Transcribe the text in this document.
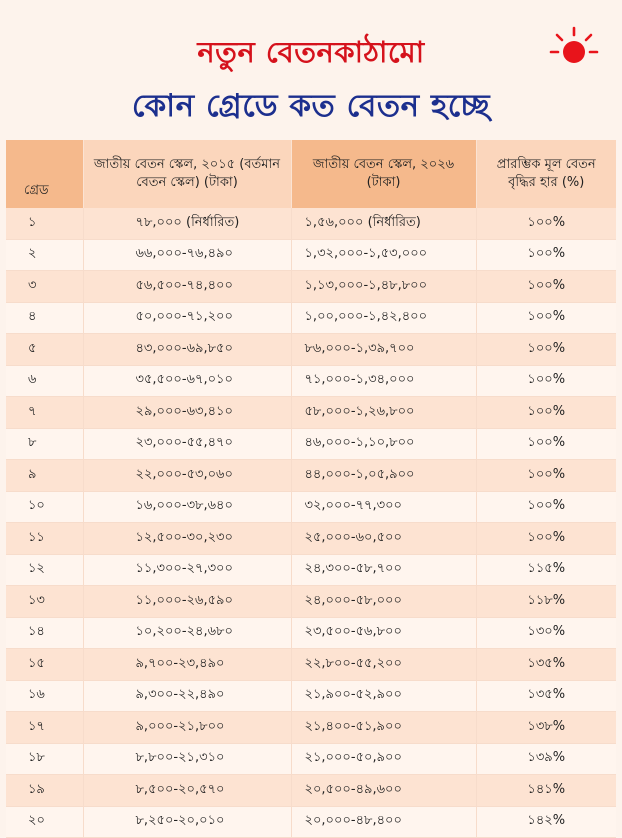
নতুন বেতনকাঠামো
কোন গ্রেডে কত বেতন হচ্ছে
গ্রেড	জাতীয় বেতন স্কেল, ২০১৫ (বর্তমান বেতন স্কেল) (টাকা)	জাতীয় বেতন স্কেল, ২০২৬ (টাকা)	প্রারম্ভিক মূল বেতন বৃদ্ধির হার (%)
১	৭৮,০০০ (নির্ধারিত)	১,৫৬,০০০ (নির্ধারিত)	১০০%
২	৬৬,০০০-৭৬,৪৯০	১,৩২,০০০-১,৫৩,০০০	১০০%
৩	৫৬,৫০০-৭৪,৪০০	১,১৩,০০০-১,৪৮,৮০০	১০০%
৪	৫০,০০০-৭১,২০০	১,০০,০০০-১,৪২,৪০০	১০০%
৫	৪৩,০০০-৬৯,৮৫০	৮৬,০০০-১,৩৯,৭০০	১০০%
৬	৩৫,৫০০-৬৭,০১০	৭১,০০০-১,৩৪,০০০	১০০%
৭	২৯,০০০-৬৩,৪১০	৫৮,০০০-১,২৬,৮০০	১০০%
৮	২৩,০০০-৫৫,৪৭০	৪৬,০০০-১,১০,৮০০	১০০%
৯	২২,০০০-৫৩,০৬০	৪৪,০০০-১,০৫,৯০০	১০০%
১০	১৬,০০০-৩৮,৬৪০	৩২,০০০-৭৭,৩০০	১০০%
১১	১২,৫০০-৩০,২৩০	২৫,০০০-৬০,৫০০	১০০%
১২	১১,৩০০-২৭,৩০০	২৪,৩০০-৫৮,৭০০	১১৫%
১৩	১১,০০০-২৬,৫৯০	২৪,০০০-৫৮,০০০	১১৮%
১৪	১০,২০০-২৪,৬৮০	২৩,৫০০-৫৬,৮০০	১৩০%
১৫	৯,৭০০-২৩,৪৯০	২২,৮০০-৫৫,২০০	১৩৫%
১৬	৯,৩০০-২২,৪৯০	২১,৯০০-৫২,৯০০	১৩৫%
১৭	৯,০০০-২১,৮০০	২১,৪০০-৫১,৯০০	১৩৮%
১৮	৮,৮০০-২১,৩১০	২১,০০০-৫০,৯০০	১৩৯%
১৯	৮,৫০০-২০,৫৭০	২০,৫০০-৪৯,৬০০	১৪১%
২০	৮,২৫০-২০,০১০	২০,০০০-৪৮,৪০০	১৪২%
